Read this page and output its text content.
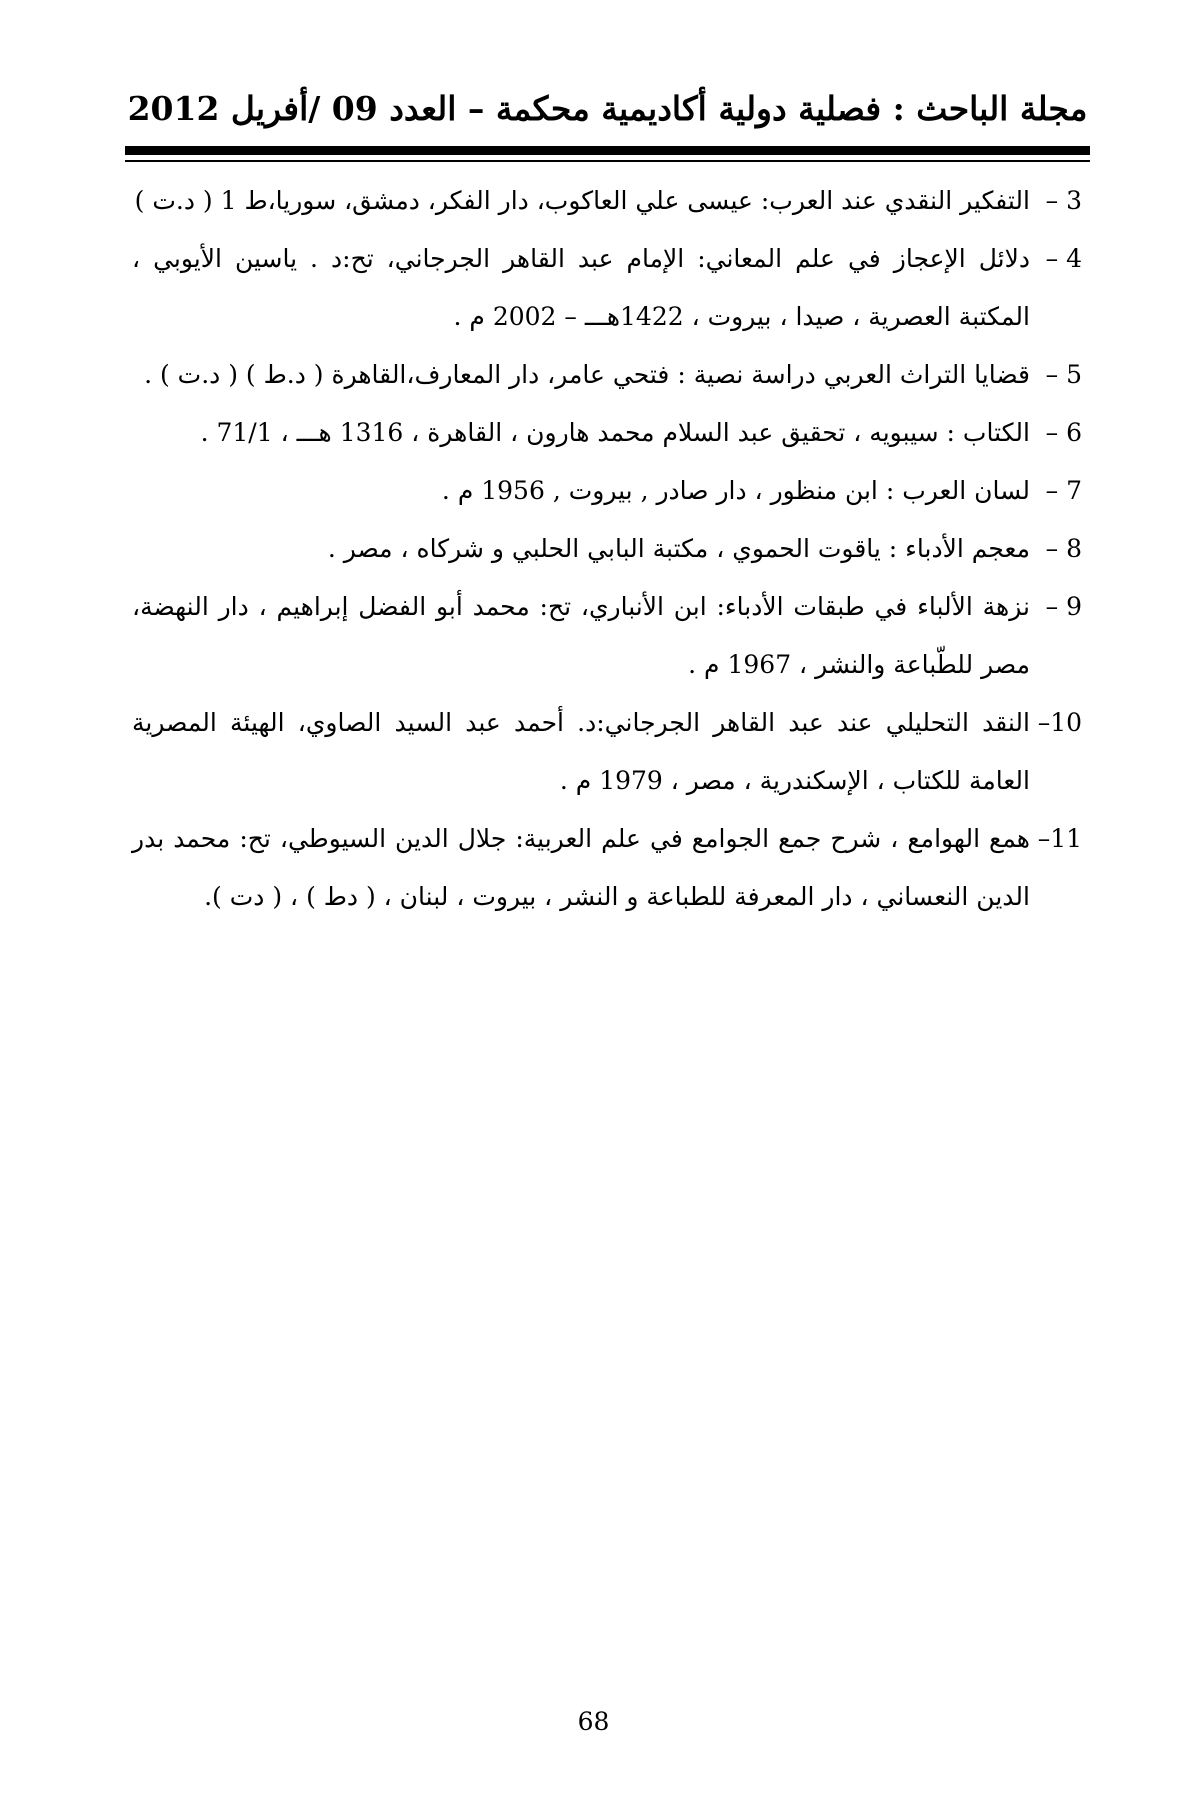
مجلة الباحث : فصلية دولية أكاديمية محكمة – العدد 09 /أفريل 2012
3 –
التفكير النقدي عند العرب: عيسى علي العاكوب، دار الفكر، دمشق، سوريا،ط 1 ( د.ت )
4 –
دلائل الإعجاز في علم المعاني: الإمام عبد القاهر الجرجاني، تح:د . ياسين الأيوبي ، المكتبة العصرية ، صيدا ، بيروت ، 1422هـــ – 2002 م .
5 –
قضايا التراث العربي دراسة نصية : فتحي عامر، دار المعارف،القاهرة ( د.ط ) ( د.ت ) .
6 –
الكتاب : سيبويه ، تحقيق عبد السلام محمد هارون ، القاهرة ، 1316 هـــ ، 71/1 .
7 –
لسان العرب : ابن منظور ، دار صادر , بيروت , 1956 م .
8 –
معجم الأدباء : ياقوت الحموي ، مكتبة البابي الحلبي و شركاه ، مصر .
9 –
نزهة الألباء في طبقات الأدباء: ابن الأنباري، تح: محمد أبو الفضل إبراهيم ، دار النهضة، مصر للطّباعة والنشر ، 1967 م .
10–
النقد التحليلي عند عبد القاهر الجرجاني:د. أحمد عبد السيد الصاوي، الهيئة المصرية العامة للكتاب ، الإسكندرية ، مصر ، 1979 م .
11–
همع الهوامع ، شرح جمع الجوامع في علم العربية: جلال الدين السيوطي، تح: محمد بدر الدين النعساني ، دار المعرفة للطباعة و النشر ، بيروت ، لبنان ، ( دط ) ، ( دت ).
68
